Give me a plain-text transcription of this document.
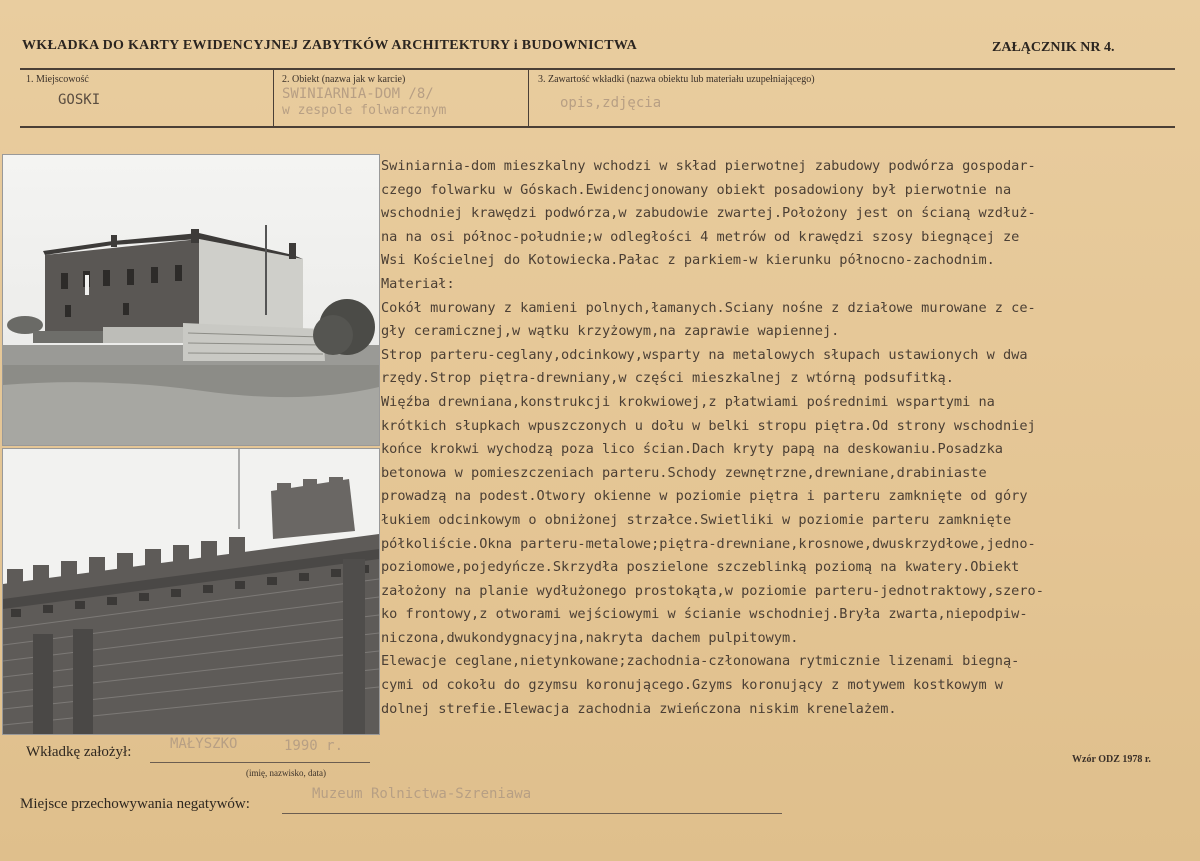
WKŁADKA DO KARTY EWIDENCYJNEJ ZABYTKÓW ARCHITEKTURY i BUDOWNICTWA	ZAŁĄCZNIK NR 4.
1. Miejscowość
GOSKI
2. Obiekt (nazwa jak w karcie)
SWINIARNIA-DOM /8/
w zespole folwarcznym
3. Zawartość wkładki (nazwa obiektu lub materiału uzupełniającego)
opis,zdjęcia
Swiniarnia-dom mieszkalny wchodzi w skład pierwotnej zabudowy podwórza gospodar-
czego folwarku w Góskach.Ewidencjonowany obiekt posadowiony był pierwotnie na
wschodniej krawędzi podwórza,w zabudowie zwartej.Położony jest on ścianą wzdłuż-
na na osi północ-południe;w odległości 4 metrów od krawędzi szosy biegnącej ze
Wsi Kościelnej do Kotowiecka.Pałac z parkiem-w kierunku północno-zachodnim.
Materiał:
Cokół murowany z kamieni polnych,łamanych.Sciany nośne z działowe murowane z ce-
gły ceramicznej,w wątku krzyżowym,na zaprawie wapiennej.
Strop parteru-ceglany,odcinkowy,wsparty na metalowych słupach ustawionych w dwa
rzędy.Strop piętra-drewniany,w części mieszkalnej z wtórną podsufitką.
Więźba drewniana,konstrukcji krokwiowej,z płatwiami pośrednimi wspartymi na
krótkich słupkach wpuszczonych u dołu w belki stropu piętra.Od strony wschodniej
końce krokwi wychodzą poza lico ścian.Dach kryty papą na deskowaniu.Posadzka
betonowa w pomieszczeniach parteru.Schody zewnętrzne,drewniane,drabiniaste
prowadzą na podest.Otwory okienne w poziomie piętra i parteru zamknięte od góry
łukiem odcinkowym o obniżonej strzałce.Swietliki w poziomie parteru zamknięte
półkoliście.Okna parteru-metalowe;piętra-drewniane,krosnowe,dwuskrzydłowe,jedno-
poziomowe,pojedyńcze.Skrzydła poszielone szczeblinką poziomą na kwatery.Obiekt
założony na planie wydłużonego prostokąta,w poziomie parteru-jednotraktowy,szero-
ko frontowy,z otworami wejściowymi w ścianie wschodniej.Bryła zwarta,niepodpiw-
niczona,dwukondygnacyjna,nakryta dachem pulpitowym.
Elewacje ceglane,nietynkowane;zachodnia-członowana rytmicznie lizenami biegną-
cymi od cokołu do gzymsu koronującego.Gzyms koronujący z motywem kostkowym w
dolnej strefie.Elewacja zachodnia zwieńczona niskim krenelażem.
Wkładkę założył:	MAŁYSZKO	1990 r.
(imię, nazwisko, data)
Miejsce przechowywania negatywów:
Muzeum Rolnictwa-Szreniawa
Wzór ODZ 1978 r.
